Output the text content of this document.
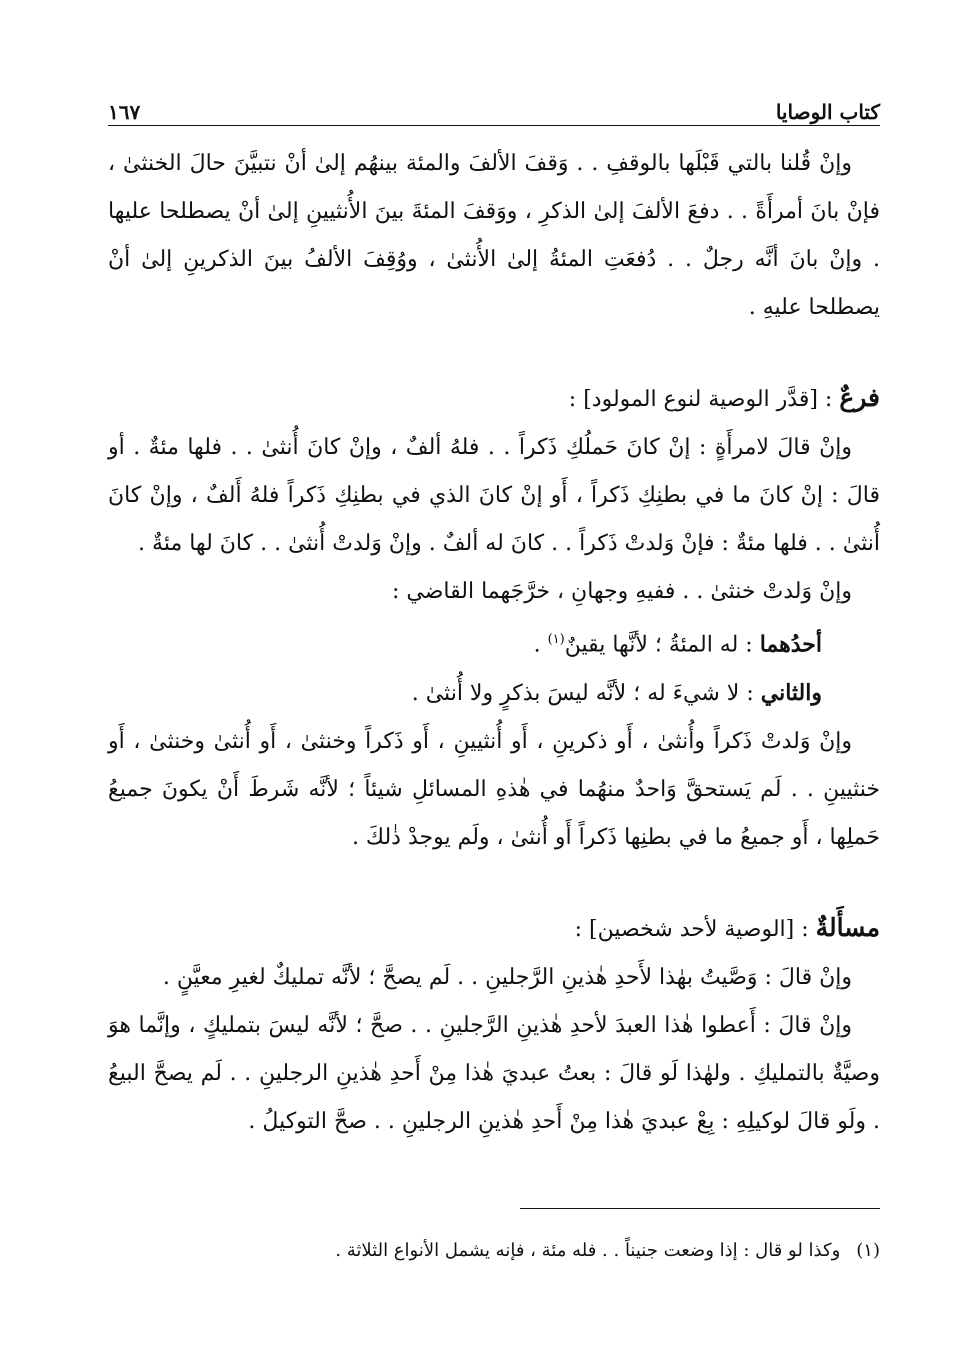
كتاب الوصايا
١٦٧

وإنْ قُلنا بالتي قَبْلَها بالوقفِ . . وَقفَ الألفَ والمئة بينهُم إلىٰ أنْ نتبيَّنَ حالَ الخنثىٰ ، فإنْ بانَ أمرأَةً . . دفعَ الألفَ إلىٰ الذكرِ ، ووَقفَ المئةَ بينَ الأُنثيينِ إلىٰ أنْ يصطلحا عليها . وإنْ بانَ أنَّه رجلٌ . . دُفعَتِ المئةُ إلىٰ الأُنثىٰ ، ووُقِفَ الألفُ بينَ الذكرينِ إلىٰ أنْ يصطلحا عليهِ .

فرعٌ : [قدَّر الوصية لنوع المولود] :

وإنْ قالَ لامرأَةٍ : إنْ كانَ حَملُكِ ذَكراً . . فلهُ ألفٌ ، وإنْ كانَ أُنثىٰ . . فلها مئةٌ . أو قالَ : إنْ كانَ ما في بطنِكِ ذَكراً ، أَو إنْ كانَ الذي في بطنِكِ ذَكراً فلهُ أَلفٌ ، وإنْ كانَ أُنثىٰ . . فلها مئةٌ : فإنْ وَلدتْ ذَكراً . . كانَ له ألفٌ . وإنْ وَلدتْ أُنثىٰ . . كانَ لها مئةٌ .

وإنْ وَلدتْ خنثىٰ . . ففيهِ وجهانِ ، خرَّجَهما القاضي :

أحدُهما : له المئةُ ؛ لأنَّها يقينٌ$^{(١)}$ .

والثاني : لا شيءَ له ؛ لأنَّه ليسَ بذكرٍ ولا أُنثىٰ .

وإنْ وَلدتْ ذَكراً وأُنثىٰ ، أَو ذكرينِ ، أَو أُنثيينِ ، أَو ذَكراً وخنثىٰ ، أَو أُنثىٰ وخنثىٰ ، أَو خنثيينِ . . لَم يَستحقَّ وَاحدٌ منهُما في هٰذهِ المسائلِ شيئاً ؛ لأنَّه شَرطَ أَنْ يكونَ جميعُ حَملِها ، أَو جميعُ ما في بطنِها ذَكراً أَو أُنثىٰ ، ولَم يوجدْ ذٰلكَ .

مسأَلةٌ : [الوصية لأحد شخصين] :

وإنْ قالَ : وَصَّيتُ بهٰذا لأَحدِ هٰذينِ الرَّجلينِ . . لَم يصحَّ ؛ لأنَّه تمليكٌ لغيرِ معيَّنٍ .

وإنْ قالَ : أَعطوا هٰذا العبدَ لأحدِ هٰذينِ الرَّجلينِ . . صحَّ ؛ لأنَّه ليسَ بتمليكٍ ، وإنَّما هوَ وصيَّةٌ بالتمليكِ . ولهٰذا لَو قالَ : بعتُ عبديَ هٰذا مِنْ أَحدِ هٰذينِ الرجلينِ . . لَم يصحَّ البيعُ . ولَو قالَ لوكيلِهِ : بِعْ عبديَ هٰذا مِنْ أَحدِ هٰذينِ الرجلينِ . . صحَّ التوكيلُ .

(١)وكذا لو قال : إذا وضعت جنيناً . . فله مئة ، فإنه يشمل الأنواع الثلاثة .
